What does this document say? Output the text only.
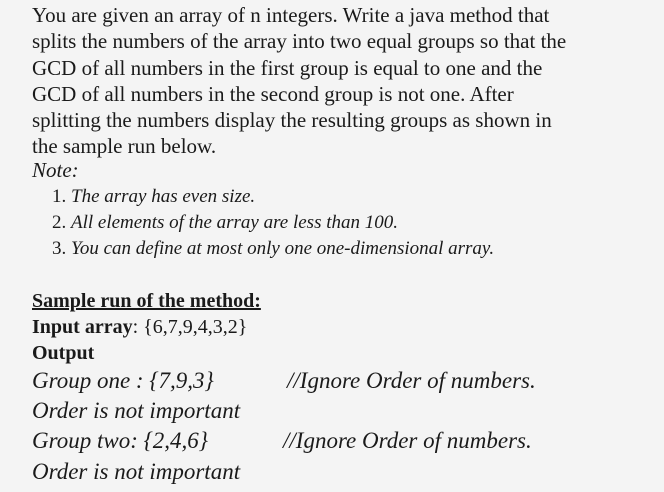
You are given an array of n integers. Write a java method that
splits the numbers of the array into two equal groups so that the
GCD of all numbers in the first group is equal to one and the
GCD of all numbers in the second group is not one. After
splitting the numbers display the resulting groups as shown in
the sample run below.
Note:
1. The array has even size.
2. All elements of the array are less than 100.
3. You can define at most only one one-dimensional array.
Sample run of the method:
Input array: {6,7,9,4,3,2}
Output
Group one : {7,9,3}	//Ignore Order of numbers.
Order is not important
Group two: {2,4,6}	//Ignore Order of numbers.
Order is not important
